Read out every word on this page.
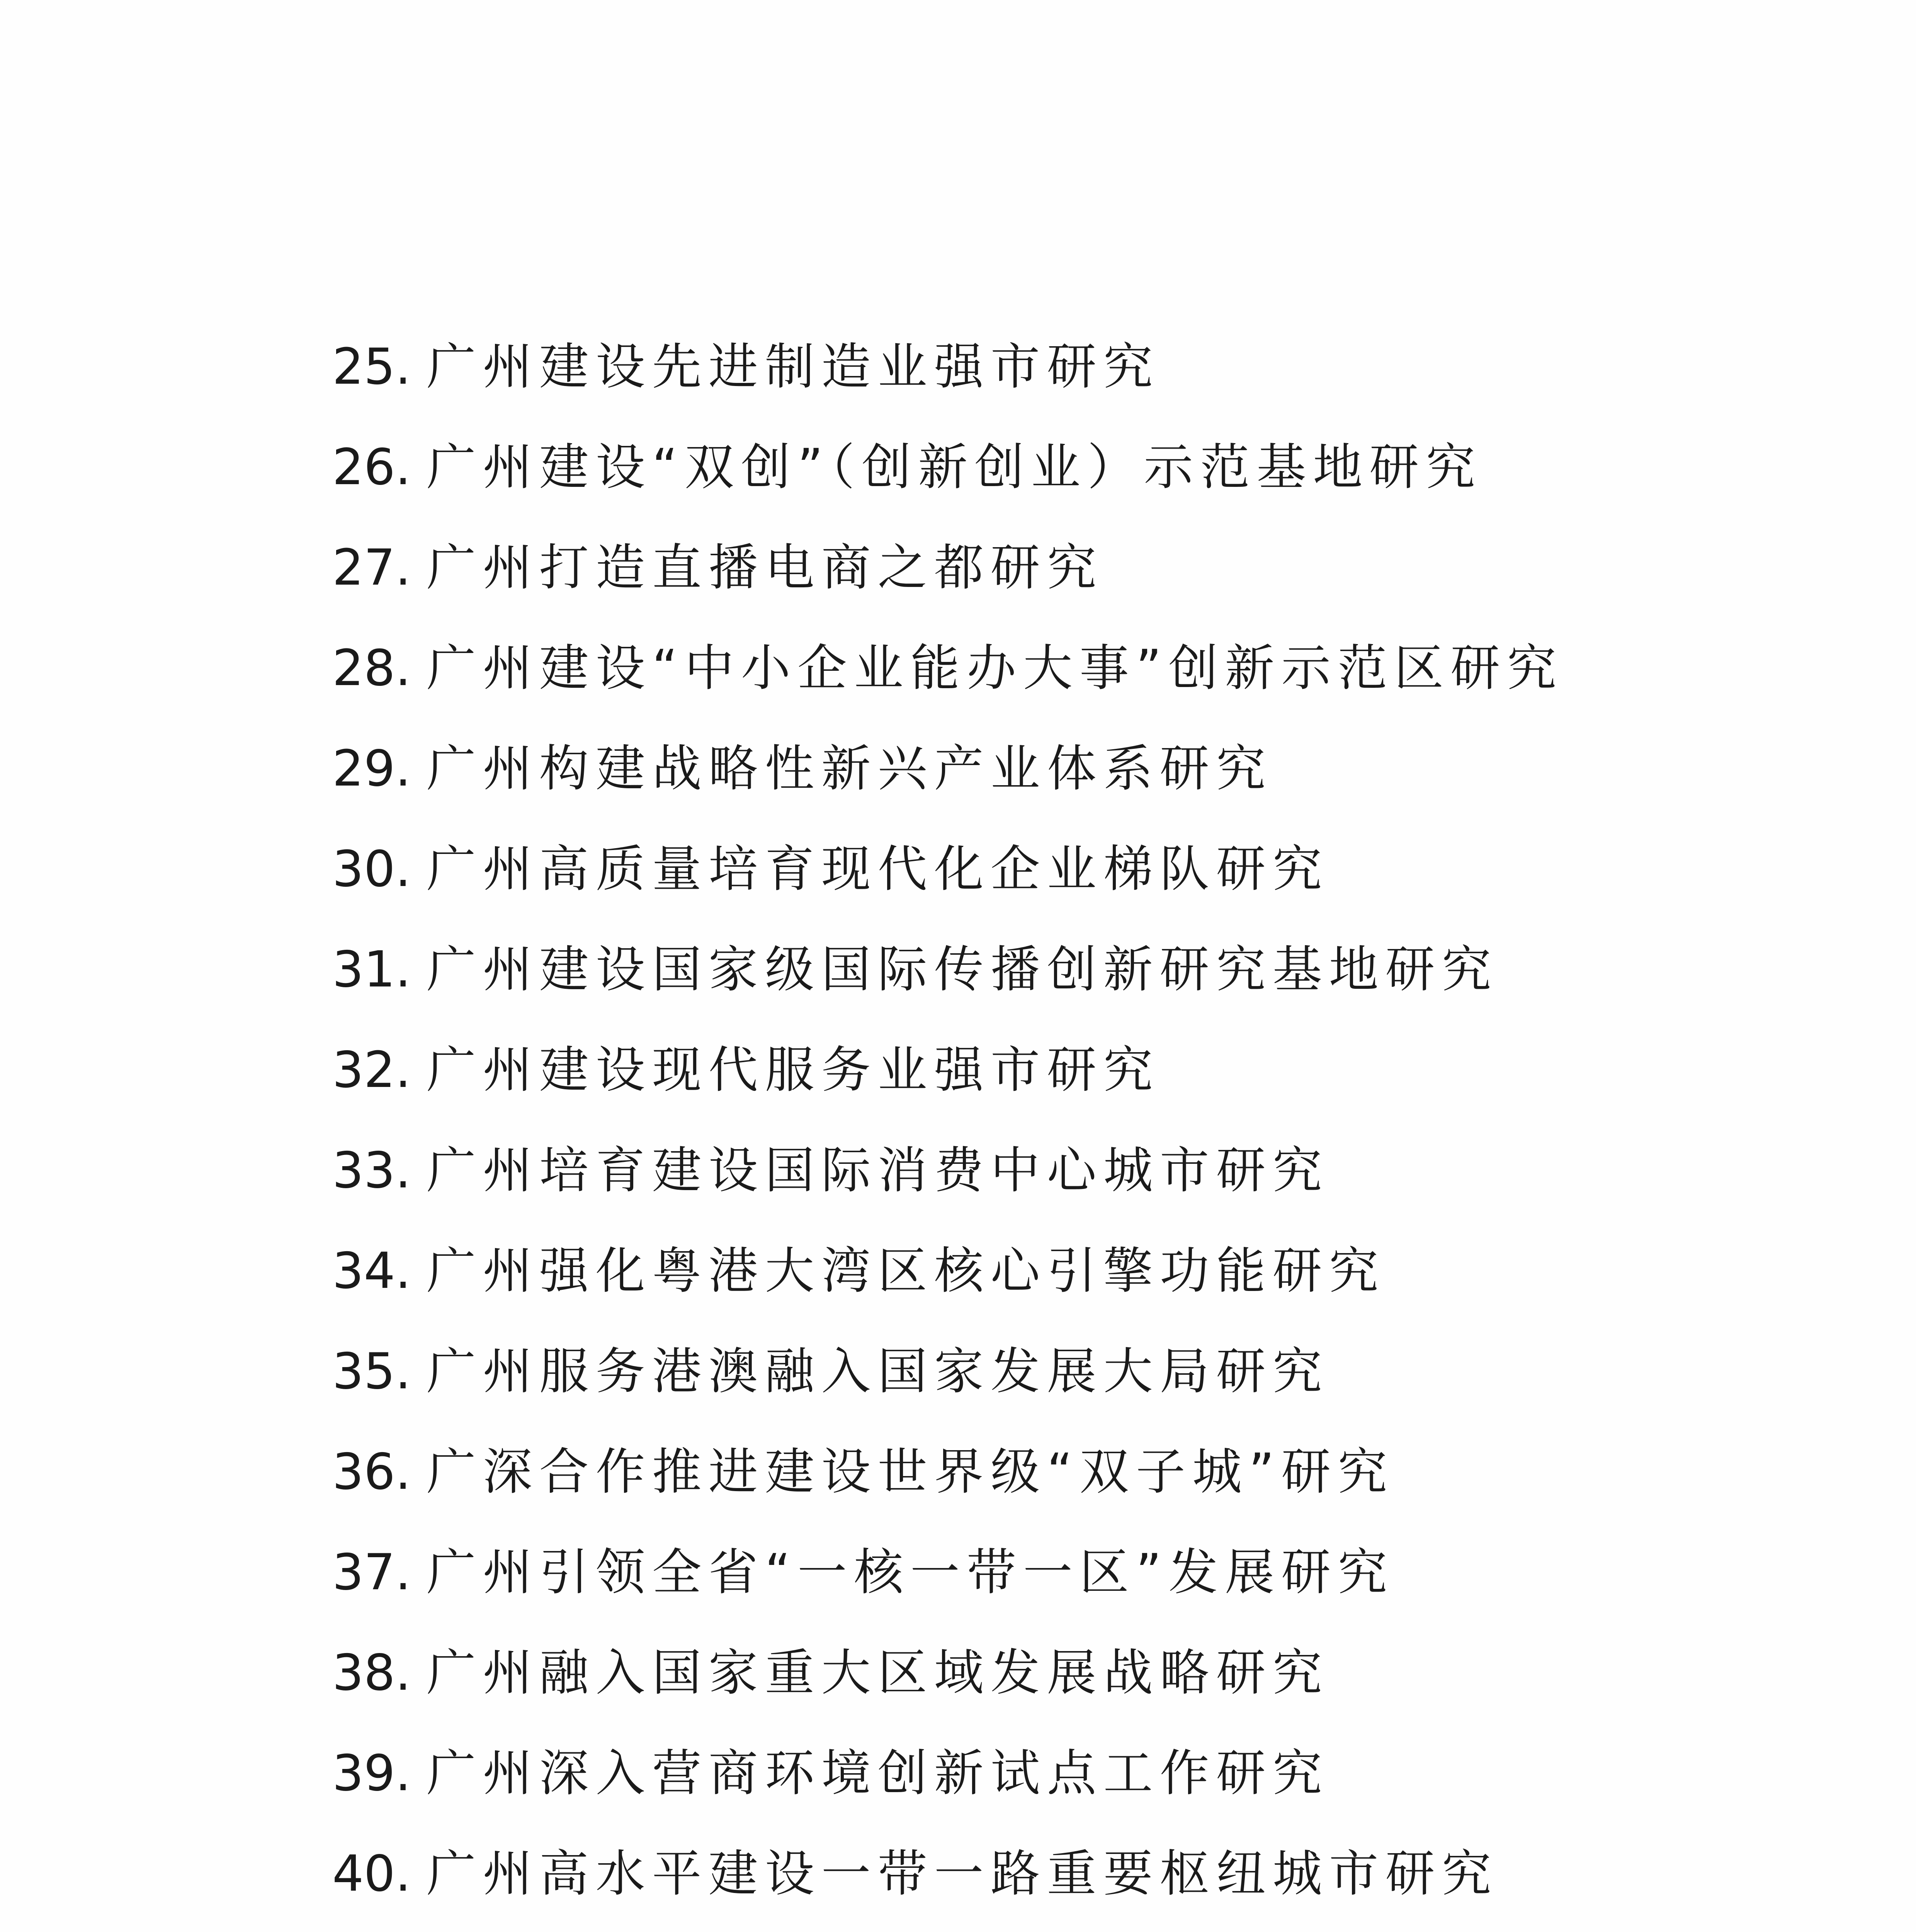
25. 广州建设先进制造业强市研究
26. 广州建设“双创”（创新创业）示范基地研究
27. 广州打造直播电商之都研究
28. 广州建设“中小企业能办大事”创新示范区研究
29. 广州构建战略性新兴产业体系研究
30. 广州高质量培育现代化企业梯队研究
31. 广州建设国家级国际传播创新研究基地研究
32. 广州建设现代服务业强市研究
33. 广州培育建设国际消费中心城市研究
34. 广州强化粤港大湾区核心引擎功能研究
35. 广州服务港澳融入国家发展大局研究
36. 广深合作推进建设世界级“双子城”研究
37. 广州引领全省“一核一带一区”发展研究
38. 广州融入国家重大区域发展战略研究
39. 广州深入营商环境创新试点工作研究
40. 广州高水平建设一带一路重要枢纽城市研究
